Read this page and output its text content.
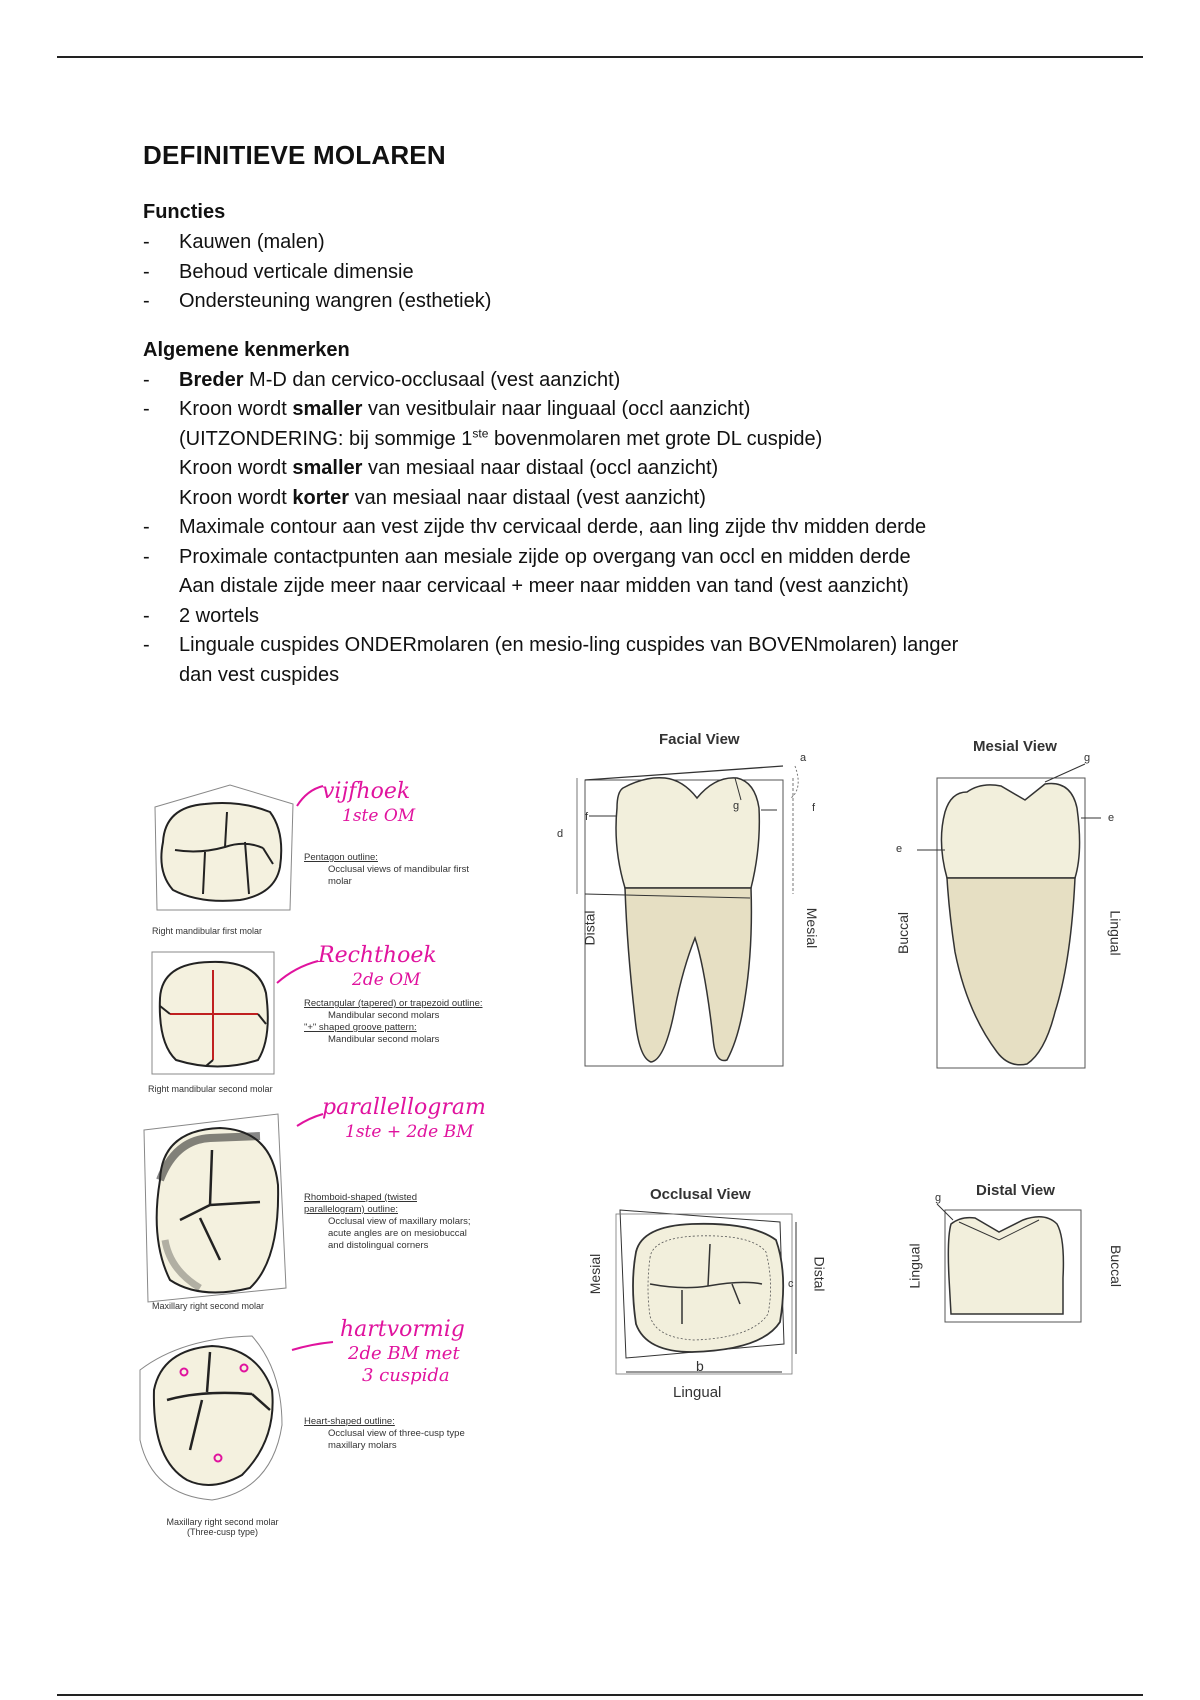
DEFINITIEVE MOLAREN
Functies
- Kauwen (malen)
- Behoud verticale dimensie
- Ondersteuning wangren (esthetiek)
Algemene kenmerken
- Breder M-D dan cervico-occlusaal (vest aanzicht)
- Kroon wordt smaller van vesitbulair naar linguaal (occl aanzicht)
(UITZONDERING: bij sommige 1ste bovenmolaren met grote DL cuspide)
Kroon wordt smaller van mesiaal naar distaal (occl aanzicht)
Kroon wordt korter van mesiaal naar distaal (vest aanzicht)
- Maximale contour aan vest zijde thv cervicaal derde, aan ling zijde thv midden derde
- Proximale contactpunten aan mesiale zijde op overgang van occl en midden derde
Aan distale zijde meer naar cervicaal + meer naar midden van tand (vest aanzicht)
- 2 wortels
- Linguale cuspides ONDERmolaren (en mesio-ling cuspides van BOVENmolaren) langer
dan vest cuspides
Right mandibular first molar
Pentagon outline:
Occlusal views of mandibular first molar
vijfhoek
1ste OM
Right mandibular second molar
Rectangular (tapered) or trapezoid outline:
Mandibular second molars
"+" shaped groove pattern:
Mandibular second molars
Rechthoek
2de OM
Maxillary right second molar
Rhomboid-shaped (twisted parallelogram) outline:
Occlusal view of maxillary molars; acute angles are on mesiobuccal and distolingual corners
parallellogram
1ste + 2de BM
Maxillary right second molar
(Three-cusp type)
Heart-shaped outline:
Occlusal view of three-cusp type maxillary molars
hartvormig
2de BM met
3 cuspida
Facial View
a
g
f
f
d
Distal	Mesial
Mesial View
g
e
e
Buccal	Lingual
Occlusal View
c
b
Mesial	Distal
Lingual
Distal View
g
Lingual	Buccal
